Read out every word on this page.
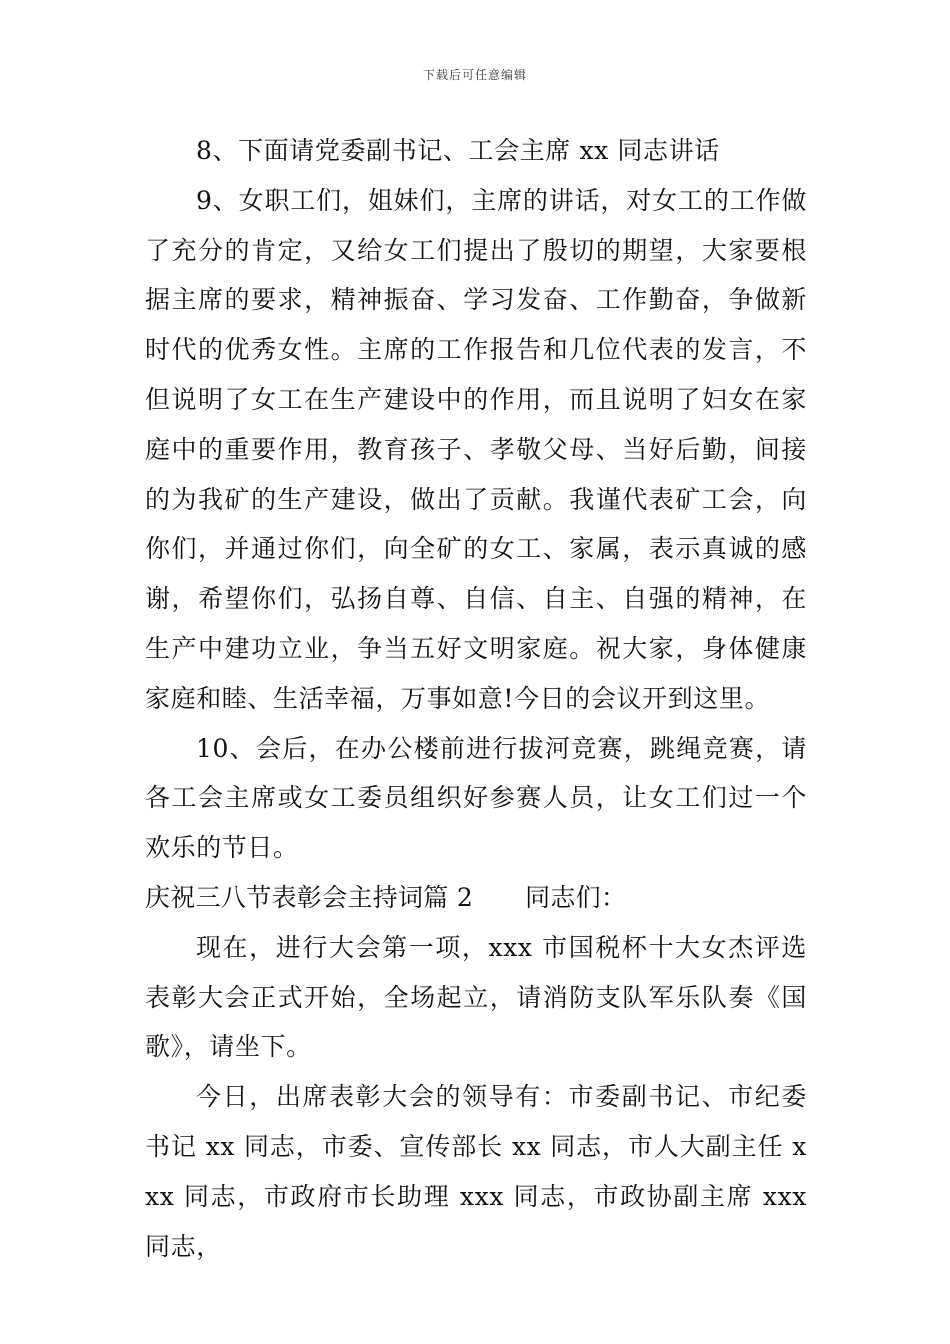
下载后可任意编辑

8、下面请党委副书记、工会主席 xx 同志讲话

9、女职工们，姐妹们，主席的讲话，对女工的工作做了充分的肯定，又给女工们提出了殷切的期望，大家要根据主席的要求，精神振奋、学习发奋、工作勤奋，争做新时代的优秀女性。主席的工作报告和几位代表的发言，不但说明了女工在生产建设中的作用，而且说明了妇女在家庭中的重要作用，教育孩子、孝敬父母、当好后勤，间接的为我矿的生产建设，做出了贡献。我谨代表矿工会，向你们，并通过你们，向全矿的女工、家属，表示真诚的感谢，希望你们，弘扬自尊、自信、自主、自强的精神，在生产中建功立业，争当五好文明家庭。祝大家，身体健康家庭和睦、生活幸福，万事如意!今日的会议开到这里。

10、会后，在办公楼前进行拔河竞赛，跳绳竞赛，请各工会主席或女工委员组织好参赛人员，让女工们过一个欢乐的节日。

庆祝三八节表彰会主持词篇 2 同志们：

现在，进行大会第一项，xxx 市国税杯十大女杰评选表彰大会正式开始，全场起立，请消防支队军乐队奏《国歌》，请坐下。

今日，出席表彰大会的领导有：市委副书记、市纪委书记 xx 同志，市委、宣传部长 xx 同志，市人大副主任 xxx 同志，市政府市长助理 xxx 同志，市政协副主席 xxx 同志，
